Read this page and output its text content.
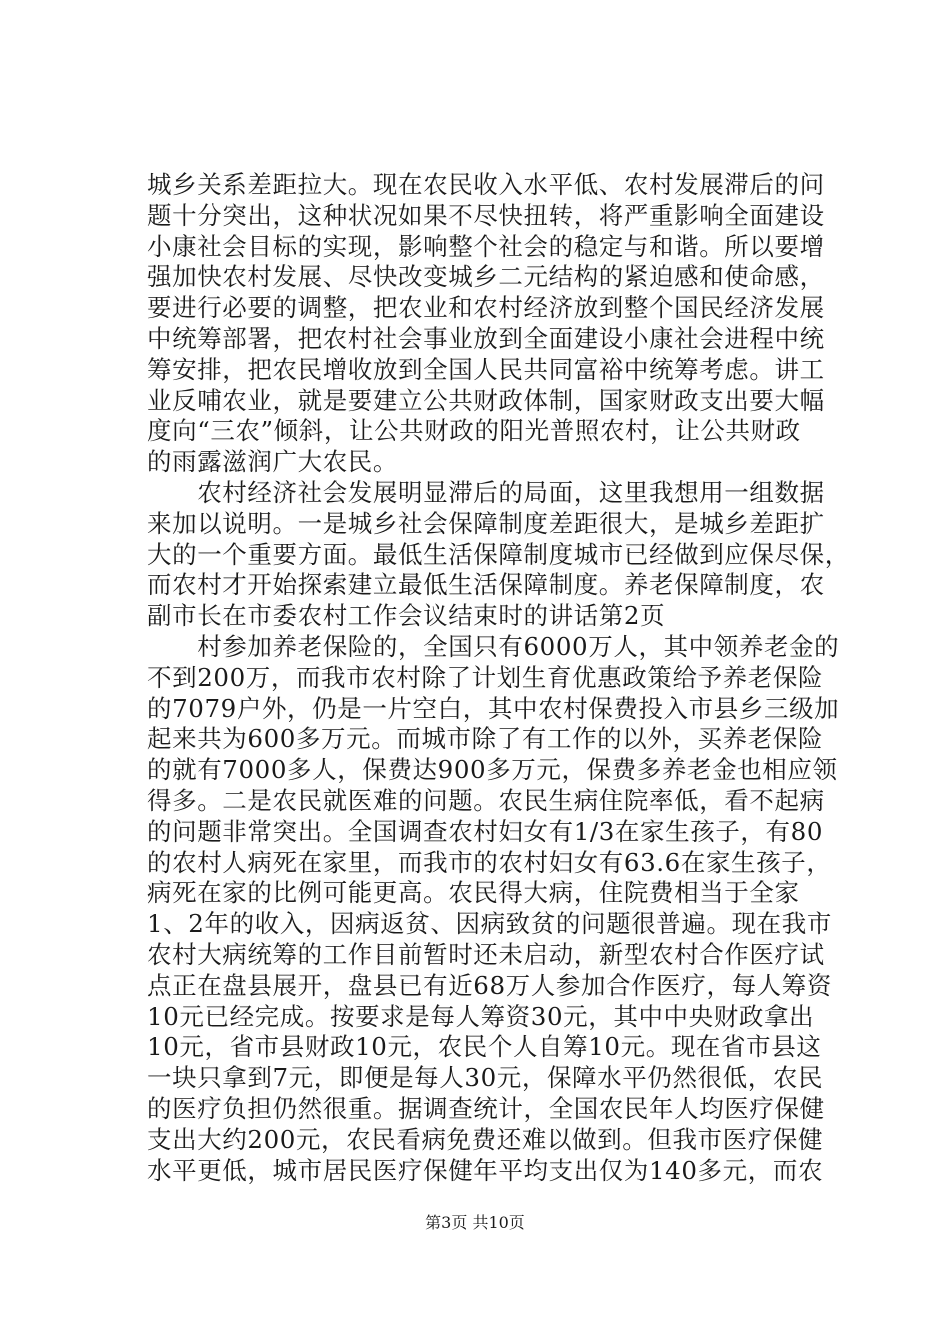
城乡关系差距拉大。现在农民收入水平低、农村发展滞后的问
题十分突出，这种状况如果不尽快扭转，将严重影响全面建设
小康社会目标的实现，影响整个社会的稳定与和谐。所以要增
强加快农村发展、尽快改变城乡二元结构的紧迫感和使命感，
要进行必要的调整，把农业和农村经济放到整个国民经济发展
中统筹部署，把农村社会事业放到全面建设小康社会进程中统
筹安排，把农民增收放到全国人民共同富裕中统筹考虑。讲工
业反哺农业，就是要建立公共财政体制，国家财政支出要大幅
度向“三农”倾斜，让公共财政的阳光普照农村，让公共财政
的雨露滋润广大农民。
　　农村经济社会发展明显滞后的局面，这里我想用一组数据
来加以说明。一是城乡社会保障制度差距很大，是城乡差距扩
大的一个重要方面。最低生活保障制度城市已经做到应保尽保，
而农村才开始探索建立最低生活保障制度。养老保障制度，农
副市长在市委农村工作会议结束时的讲话第2页
　　村参加养老保险的，全国只有6000万人，其中领养老金的
不到200万，而我市农村除了计划生育优惠政策给予养老保险
的7079户外，仍是一片空白，其中农村保费投入市县乡三级加
起来共为600多万元。而城市除了有工作的以外，买养老保险
的就有7000多人，保费达900多万元，保费多养老金也相应领
得多。二是农民就医难的问题。农民生病住院率低，看不起病
的问题非常突出。全国调查农村妇女有1/3在家生孩子，有80
的农村人病死在家里，而我市的农村妇女有63.6在家生孩子，
病死在家的比例可能更高。农民得大病，住院费相当于全家
1、2年的收入，因病返贫、因病致贫的问题很普遍。现在我市
农村大病统筹的工作目前暂时还未启动，新型农村合作医疗试
点正在盘县展开，盘县已有近68万人参加合作医疗，每人筹资
10元已经完成。按要求是每人筹资30元，其中中央财政拿出
10元，省市县财政10元，农民个人自筹10元。现在省市县这
一块只拿到7元，即便是每人30元，保障水平仍然很低，农民
的医疗负担仍然很重。据调查统计，全国农民年人均医疗保健
支出大约200元，农民看病免费还难以做到。但我市医疗保健
水平更低，城市居民医疗保健年平均支出仅为140多元，而农
第3页 共10页
